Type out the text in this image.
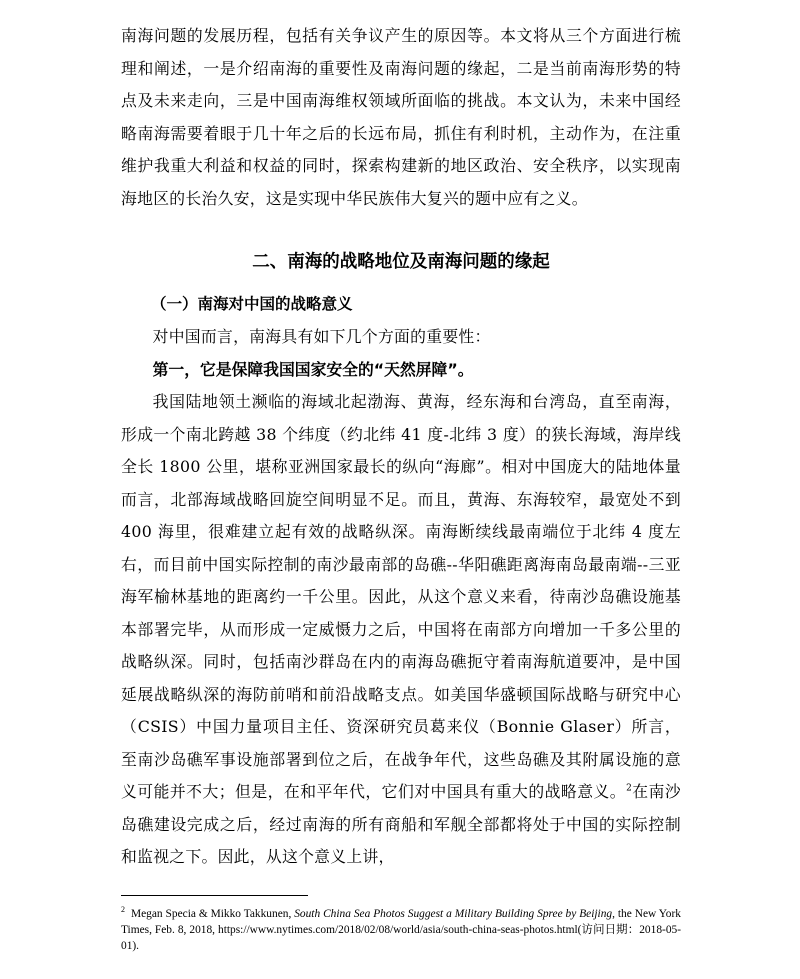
南海问题的发展历程，包括有关争议产生的原因等。本文将从三个方面进行梳理和阐述，一是介绍南海的重要性及南海问题的缘起，二是当前南海形势的特点及未来走向，三是中国南海维权领域所面临的挑战。本文认为，未来中国经略南海需要着眼于几十年之后的长远布局，抓住有利时机，主动作为，在注重维护我重大利益和权益的同时，探索构建新的地区政治、安全秩序，以实现南海地区的长治久安，这是实现中华民族伟大复兴的题中应有之义。

二、南海的战略地位及南海问题的缘起
（一）南海对中国的战略意义

对中国而言，南海具有如下几个方面的重要性：

第一，它是保障我国国家安全的“天然屏障”。

我国陆地领土濒临的海域北起渤海、黄海，经东海和台湾岛，直至南海，形成一个南北跨越 38 个纬度（约北纬 41 度-北纬 3 度）的狭长海域，海岸线全长 1800 公里，堪称亚洲国家最长的纵向“海廊”。相对中国庞大的陆地体量而言，北部海域战略回旋空间明显不足。而且，黄海、东海较窄，最宽处不到 400 海里，很难建立起有效的战略纵深。南海断续线最南端位于北纬 4 度左右，而目前中国实际控制的南沙最南部的岛礁--华阳礁距离海南岛最南端--三亚海军榆林基地的距离约一千公里。因此，从这个意义来看，待南沙岛礁设施基本部署完毕，从而形成一定威慑力之后，中国将在南部方向增加一千多公里的战略纵深。同时，包括南沙群岛在内的南海岛礁扼守着南海航道要冲，是中国延展战略纵深的海防前哨和前沿战略支点。如美国华盛顿国际战略与研究中心（CSIS）中国力量项目主任、资深研究员葛来仪（Bonnie Glaser）所言，至南沙岛礁军事设施部署到位之后，在战争年代，这些岛礁及其附属设施的意义可能并不大；但是，在和平年代，它们对中国具有重大的战略意义。$^2$在南沙岛礁建设完成之后，经过南海的所有商船和军舰全部都将处于中国的实际控制和监视之下。因此，从这个意义上讲，

$^2$ Megan Specia & Mikko Takkunen, South China Sea Photos Suggest a Military Building Spree by Beijing, the New York Times, Feb. 8, 2018, https://www.nytimes.com/2018/02/08/world/asia/south-china-seas-photos.html(访问日期：2018-05-01).
